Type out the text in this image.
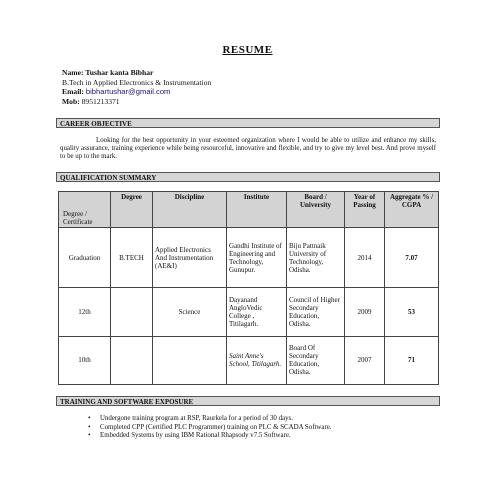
RESUME
Name: Tushar kanta Bibhar
B.Tech in Applied Electronics & Instrumentation
Email: bibhartushar@gmail.com
Mob: 8951213371
CAREER OBJECTIVE
Looking for the best opportunity in your esteemed organization where I would be able to utilize and enhance my skills, quality assurance, training experience while being resourceful, innovative and flexible, and try to give my level best. And prove myself to be up to the mark.
QUALIFICATION SUMMARY
Degree / Certificate	Degree	Discipline	Institute	Board / University	Year of Passing	Aggregate % / CGPA
Graduation	B.TECH	Applied Electronics And Instrumentation (AE&I)	Gandhi Institute of Engineering and Technology, Gunupur.	Biju Pattnaik University of Technology, Odisha.	2014	7.07
12th		Science	Dayanand AngloVedic College , Titilagarh.	Council of Higher Secondary Education, Odisha.	2009	53
10th			Saint Anne's School, Titilagarh.	Board Of Secondary Education, Odisha.	2007	71
TRAINING AND SOFTWARE EXPOSURE
• Undergone training program at RSP, Raurkela for a period of 30 days.
• Completed CPP (Certified PLC Programmer) training on PLC & SCADA Software.
• Embedded Systems by using IBM Rational Rhapsody v7.5 Software.
